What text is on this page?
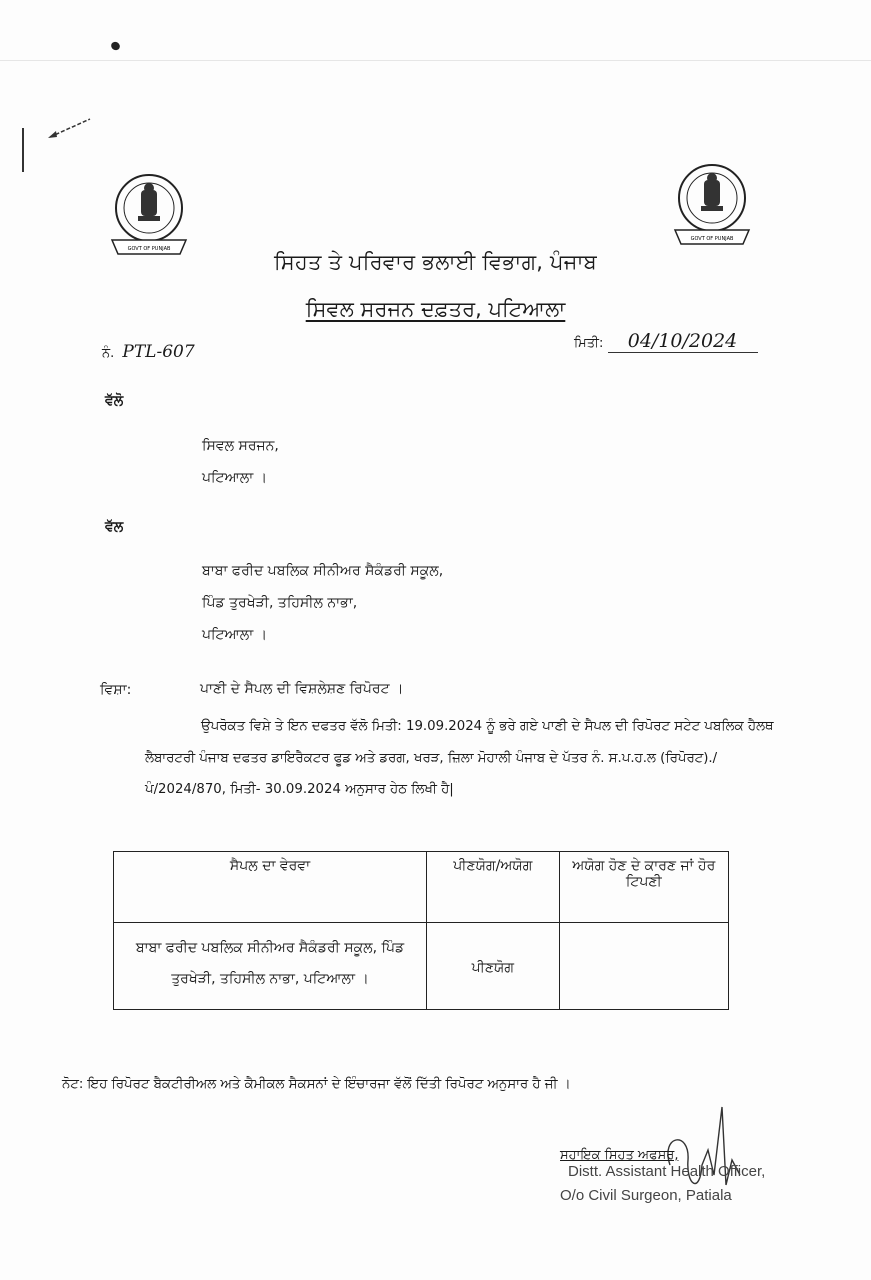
GOVT OF PUNJAB
GOVT OF PUNJAB
ਸਿਹਤ ਤੇ ਪਰਿਵਾਰ ਭਲਾਈ ਵਿਭਾਗ, ਪੰਜਾਬ
ਸਿਵਲ ਸਰਜਨ ਦਫ਼ਤਰ, ਪਟਿਆਲਾ
ਨੰ. PTL-607	ਮਿਤੀ: 04/10/2024
ਵੱਲੋ
ਸਿਵਲ ਸਰਜਨ,
ਪਟਿਆਲਾ ।
ਵੱਲ
ਬਾਬਾ ਫਰੀਦ ਪਬਲਿਕ ਸੀਨੀਅਰ ਸੈਕੰਡਰੀ ਸਕੂਲ,
ਪਿੰਡ ਤੁਰਖੇੜੀ, ਤਹਿਸੀਲ ਨਾਭਾ,
ਪਟਿਆਲਾ ।
ਵਿਸ਼ਾ:	ਪਾਣੀ ਦੇ ਸੈਪਲ ਦੀ ਵਿਸ਼ਲੇਸ਼ਣ ਰਿਪੋਰਟ ।
ਉਪਰੋਕਤ ਵਿਸ਼ੇ ਤੇ ਇਨ ਦਫਤਰ ਵੱਲੋ ਮਿਤੀ: 19.09.2024 ਨੂੰ ਭਰੇ ਗਏ ਪਾਣੀ ਦੇ ਸੈਪਲ ਦੀ ਰਿਪੋਰਟ ਸਟੇਟ ਪਬਲਿਕ ਹੈਲਥ ਲੈਬਾਰਟਰੀ ਪੰਜਾਬ ਦਫਤਰ ਡਾਇਰੈਕਟਰ ਫੂਡ ਅਤੇ ਡਰਗ, ਖਰੜ, ਜ਼ਿਲਾ ਮੋਹਾਲੀ ਪੰਜਾਬ ਦੇ ਪੱਤਰ ਨੰ. ਸ.ਪ.ਹ.ਲ (ਰਿਪੋਰਟ)./ਪੰ/2024/870, ਮਿਤੀ- 30.09.2024 ਅਨੁਸਾਰ ਹੇਠ ਲਿਖੀ ਹੈ|
ਸੈਪਲ ਦਾ ਵੇਰਵਾ	ਪੀਣਯੋਗ/ਅਯੋਗ	ਅਯੋਗ ਹੋਣ ਦੇ ਕਾਰਣ ਜਾਂ ਹੋਰ ਟਿਪਣੀ
ਬਾਬਾ ਫਰੀਦ ਪਬਲਿਕ ਸੀਨੀਅਰ ਸੈਕੰਡਰੀ ਸਕੂਲ, ਪਿੰਡ ਤੁਰਖੇੜੀ, ਤਹਿਸੀਲ ਨਾਭਾ, ਪਟਿਆਲਾ ।	ਪੀਣਯੋਗ	
ਨੋਟ: ਇਹ ਰਿਪੋਰਟ ਬੈਕਟੀਰੀਅਲ ਅਤੇ ਕੈਮੀਕਲ ਸੈਕਸਨਾਂ ਦੇ ਇੰਚਾਰਜਾ ਵੱਲੋਂ ਦਿੱਤੀ ਰਿਪੋਰਟ ਅਨੁਸਾਰ ਹੈ ਜੀ ।
ਸਹਾਇਕ ਸਿਹਤ ਅਫਸਰ,
Distt. Assistant Health Officer,
O/o Civil Surgeon, Patiala
